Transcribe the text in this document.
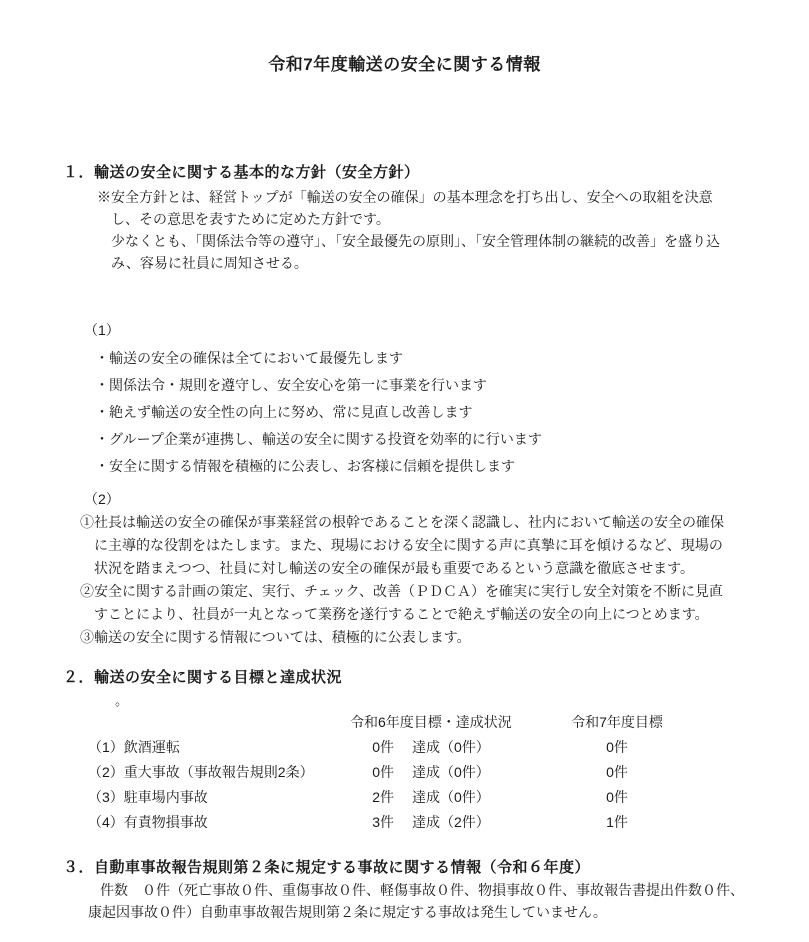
令和7年度輸送の安全に関する情報
１．輸送の安全に関する基本的な方針（安全方針）
※安全方針とは、経営トップが「輸送の安全の確保」の基本理念を打ち出し、安全への取組を決意
し、その意思を表すために定めた方針です。
少なくとも、「関係法令等の遵守」、「安全最優先の原則」、「安全管理体制の継続的改善」を盛り込
み、容易に社員に周知させる。
（1）
・輸送の安全の確保は全てにおいて最優先します
・関係法令・規則を遵守し、安全安心を第一に事業を行います
・絶えず輸送の安全性の向上に努め、常に見直し改善します
・グループ企業が連携し、輸送の安全に関する投資を効率的に行います
・安全に関する情報を積極的に公表し、お客様に信頼を提供します
（2）
①社長は輸送の安全の確保が事業経営の根幹であることを深く認識し、社内において輸送の安全の確保
に主導的な役割をはたします。また、現場における安全に関する声に真摯に耳を傾けるなど、現場の
状況を踏まえつつ、社員に対し輸送の安全の確保が最も重要であるという意識を徹底させます。
②安全に関する計画の策定、実行、チェック、改善（ＰＤＣＡ）を確実に実行し安全対策を不断に見直
すことにより、社員が一丸となって業務を遂行することで絶えず輸送の安全の向上につとめます。
③輸送の安全に関する情報については、積極的に公表します。
２．輸送の安全に関する目標と達成状況
。
	令和6年度目標・達成状況		令和7年度目標
（1）飲酒運転	0件	達成（0件）	0件
（2）重大事故（事故報告規則2条）	0件	達成（0件）	0件
（3）駐車場内事故	2件	達成（0件）	0件
（4）有責物損事故	3件	達成（2件）	1件
３．自動車事故報告規則第２条に規定する事故に関する情報（令和６年度）
件数　０件（死亡事故０件、重傷事故０件、軽傷事故０件、物損事故０件、事故報告書提出件数０件、
康起因事故０件）自動車事故報告規則第２条に規定する事故は発生していません。
